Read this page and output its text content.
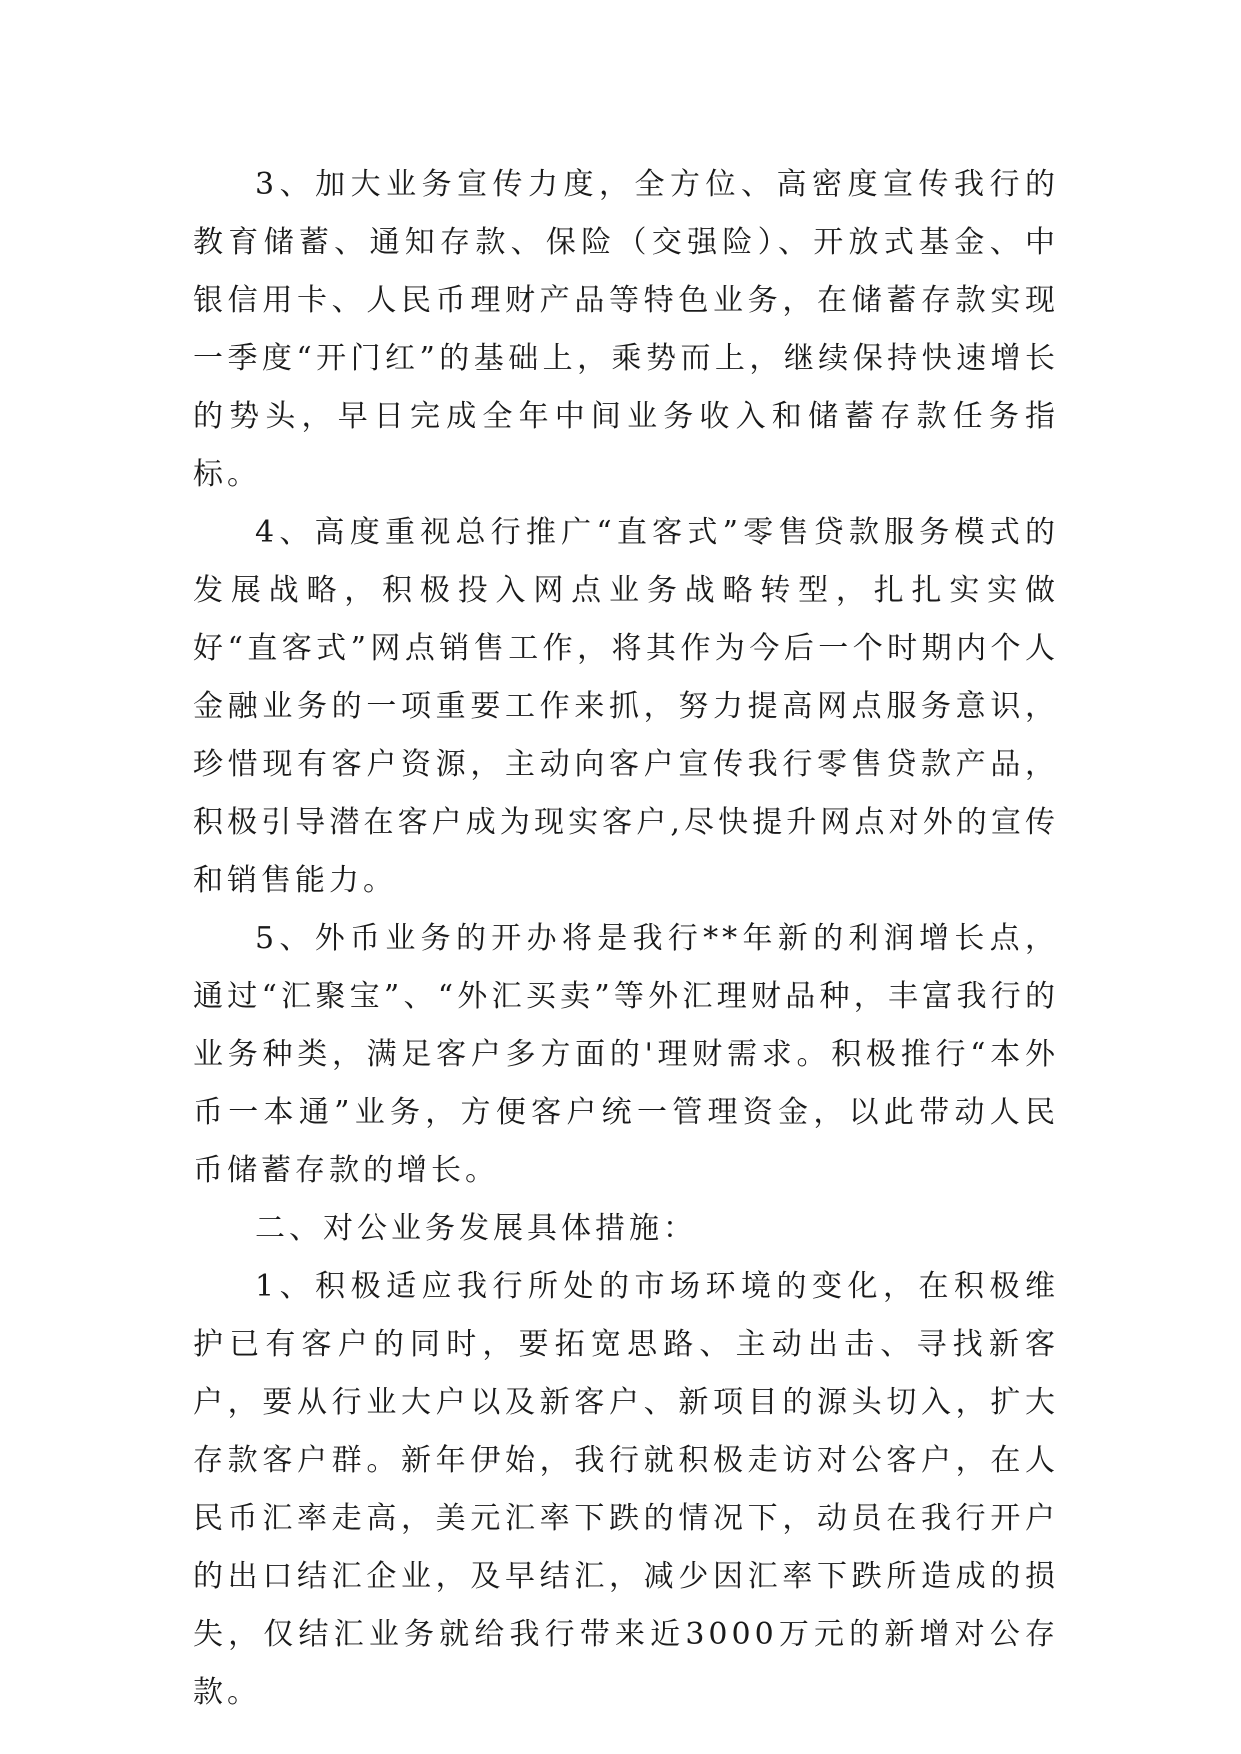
3、加大业务宣传力度，全方位、高密度宣传我行的教育储蓄、通知存款、保险（交强险）、开放式基金、中银信用卡、人民币理财产品等特色业务，在储蓄存款实现一季度“开门红”的基础上，乘势而上，继续保持快速增长的势头，早日完成全年中间业务收入和储蓄存款任务指标。

4、高度重视总行推广“直客式”零售贷款服务模式的发展战略，积极投入网点业务战略转型，扎扎实实做好“直客式”网点销售工作，将其作为今后一个时期内个人金融业务的一项重要工作来抓，努力提高网点服务意识，珍惜现有客户资源，主动向客户宣传我行零售贷款产品，积极引导潜在客户成为现实客户,尽快提升网点对外的宣传和销售能力。

5、外币业务的开办将是我行**年新的利润增长点，通过“汇聚宝”、“外汇买卖”等外汇理财品种，丰富我行的业务种类，满足客户多方面的'理财需求。积极推行“本外币一本通”业务，方便客户统一管理资金，以此带动人民币储蓄存款的增长。

二、对公业务发展具体措施：

1、积极适应我行所处的市场环境的变化，在积极维护已有客户的同时，要拓宽思路、主动出击、寻找新客户，要从行业大户以及新客户、新项目的源头切入，扩大存款客户群。新年伊始，我行就积极走访对公客户，在人民币汇率走高，美元汇率下跌的情况下，动员在我行开户的出口结汇企业，及早结汇，减少因汇率下跌所造成的损失，仅结汇业务就给我行带来近3000万元的新增对公存款。
